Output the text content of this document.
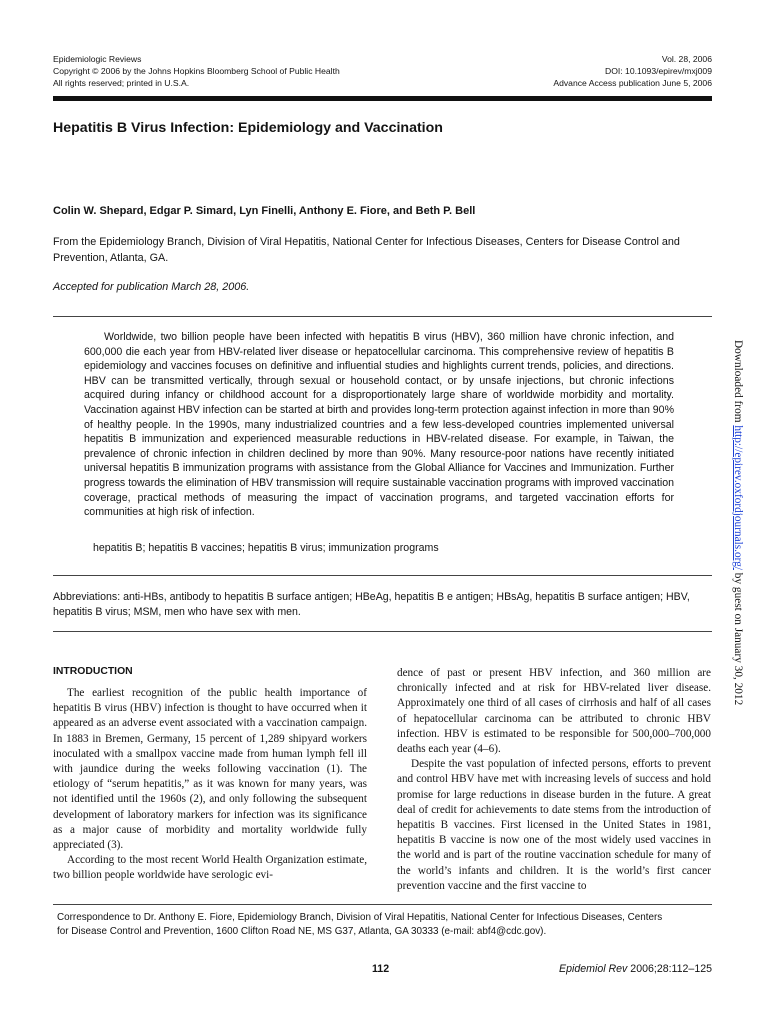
Epidemiologic Reviews
Copyright © 2006 by the Johns Hopkins Bloomberg School of Public Health
All rights reserved; printed in U.S.A.
Vol. 28, 2006
DOI: 10.1093/epirev/mxj009
Advance Access publication June 5, 2006
Hepatitis B Virus Infection: Epidemiology and Vaccination
Colin W. Shepard, Edgar P. Simard, Lyn Finelli, Anthony E. Fiore, and Beth P. Bell
From the Epidemiology Branch, Division of Viral Hepatitis, National Center for Infectious Diseases, Centers for Disease Control and Prevention, Atlanta, GA.
Accepted for publication March 28, 2006.

Worldwide, two billion people have been infected with hepatitis B virus (HBV), 360 million have chronic infection, and 600,000 die each year from HBV-related liver disease or hepatocellular carcinoma. This comprehensive review of hepatitis B epidemiology and vaccines focuses on definitive and influential studies and highlights current trends, policies, and directions. HBV can be transmitted vertically, through sexual or household contact, or by unsafe injections, but chronic infections acquired during infancy or childhood account for a disproportionately large share of worldwide morbidity and mortality. Vaccination against HBV infection can be started at birth and provides long-term protection against infection in more than 90% of healthy people. In the 1990s, many industrialized countries and a few less-developed countries implemented universal hepatitis B immunization and experienced measurable reductions in HBV-related disease. For example, in Taiwan, the prevalence of chronic infection in children declined by more than 90%. Many resource-poor nations have recently initiated universal hepatitis B immunization programs with assistance from the Global Alliance for Vaccines and Immunization. Further progress towards the elimination of HBV transmission will require sustainable vaccination programs with improved vaccination coverage, practical methods of measuring the impact of vaccination programs, and targeted vaccination efforts for communities at high risk of infection.

hepatitis B; hepatitis B vaccines; hepatitis B virus; immunization programs
Abbreviations: anti-HBs, antibody to hepatitis B surface antigen; HBeAg, hepatitis B e antigen; HBsAg, hepatitis B surface antigen; HBV, hepatitis B virus; MSM, men who have sex with men.
INTRODUCTION

The earliest recognition of the public health importance of hepatitis B virus (HBV) infection is thought to have occurred when it appeared as an adverse event associated with a vaccination campaign. In 1883 in Bremen, Germany, 15 percent of 1,289 shipyard workers inoculated with a smallpox vaccine made from human lymph fell ill with jaundice during the weeks following vaccination (1). The etiology of “serum hepatitis,” as it was known for many years, was not identified until the 1960s (2), and only following the subsequent development of laboratory markers for infection was its significance as a major cause of morbidity and mortality worldwide fully appreciated (3).

According to the most recent World Health Organization estimate, two billion people worldwide have serologic evi-

dence of past or present HBV infection, and 360 million are chronically infected and at risk for HBV-related liver disease. Approximately one third of all cases of cirrhosis and half of all cases of hepatocellular carcinoma can be attributed to chronic HBV infection. HBV is estimated to be responsible for 500,000–700,000 deaths each year (4–6).

Despite the vast population of infected persons, efforts to prevent and control HBV have met with increasing levels of success and hold promise for large reductions in disease burden in the future. A great deal of credit for achievements to date stems from the introduction of hepatitis B vaccines. First licensed in the United States in 1981, hepatitis B vaccine is now one of the most widely used vaccines in the world and is part of the routine vaccination schedule for many of the world’s infants and children. It is the world’s first cancer prevention vaccine and the first vaccine to

Correspondence to Dr. Anthony E. Fiore, Epidemiology Branch, Division of Viral Hepatitis, National Center for Infectious Diseases, Centers

for Disease Control and Prevention, 1600 Clifton Road NE, MS G37, Atlanta, GA 30333 (e-mail: abf4@cdc.gov).
112	Epidemiol Rev 2006;28:112–125
Downloaded from http://epirev.oxfordjournals.org/ by guest on January 30, 2012
